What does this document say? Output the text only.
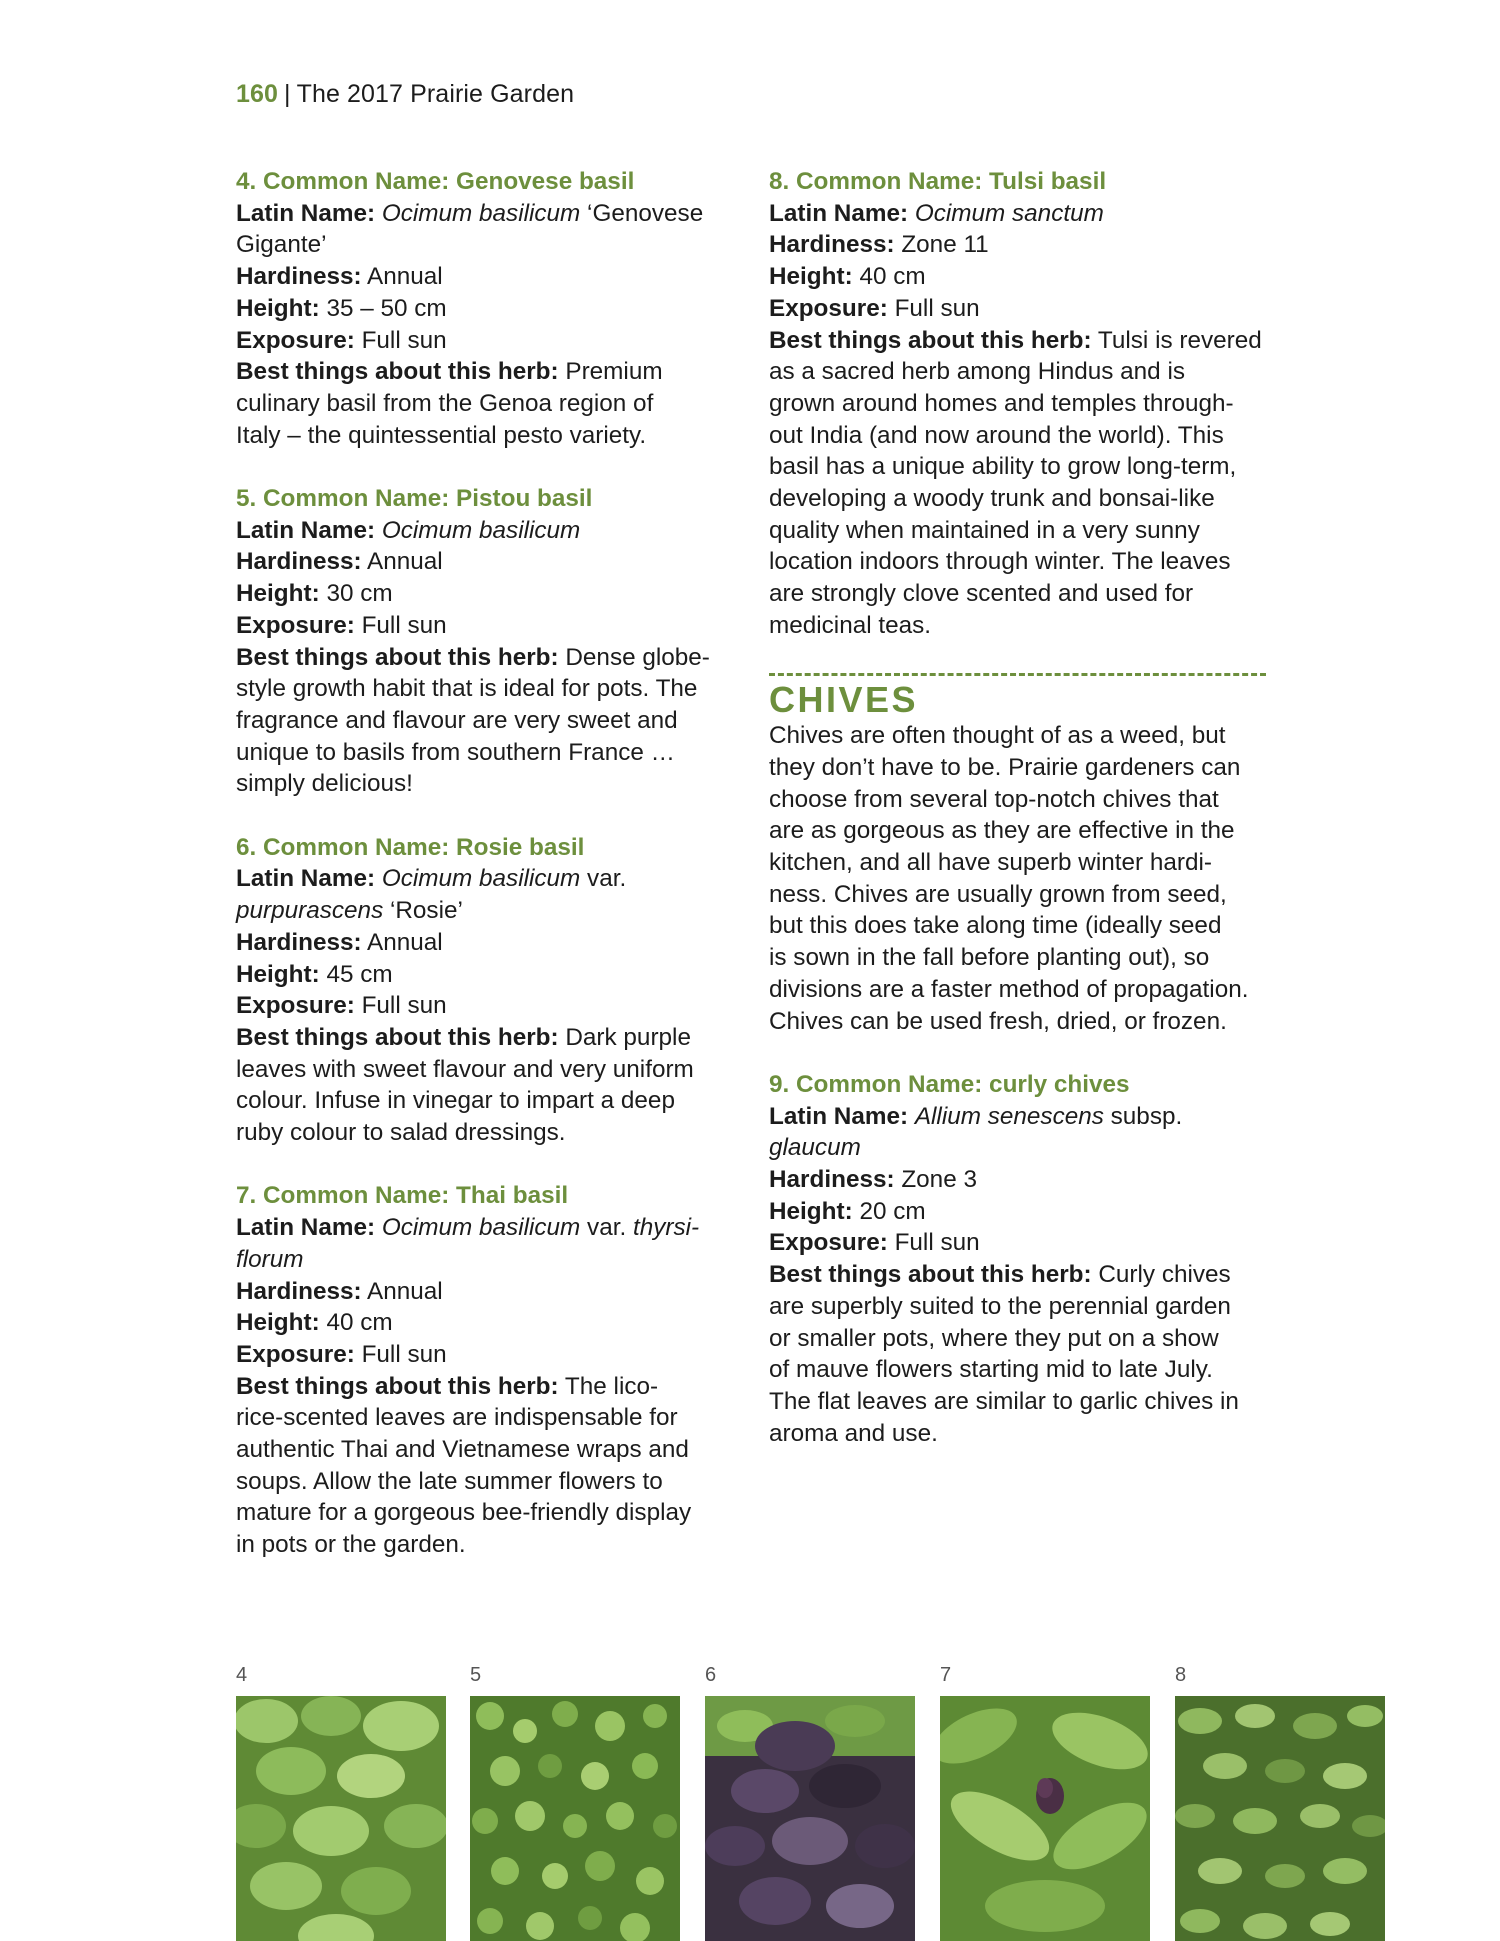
160 | The 2017 Prairie Garden
4. Common Name: Genovese basil
Latin Name: Ocimum basilicum ‘Genovese
Gigante’
Hardiness: Annual
Height: 35 – 50 cm
Exposure: Full sun
Best things about this herb: Premium
culinary basil from the Genoa region of
Italy – the quintessential pesto variety.
5. Common Name: Pistou basil
Latin Name: Ocimum basilicum
Hardiness: Annual
Height: 30 cm
Exposure: Full sun
Best things about this herb: Dense globe-
style growth habit that is ideal for pots. The
fragrance and flavour are very sweet and
unique to basils from southern France …
simply delicious!
6. Common Name: Rosie basil
Latin Name: Ocimum basilicum var.
purpurascens ‘Rosie’
Hardiness: Annual
Height: 45 cm
Exposure: Full sun
Best things about this herb: Dark purple
leaves with sweet flavour and very uniform
colour. Infuse in vinegar to impart a deep
ruby colour to salad dressings.
7. Common Name: Thai basil
Latin Name: Ocimum basilicum var. thyrsi-
florum
Hardiness: Annual
Height: 40 cm
Exposure: Full sun
Best things about this herb: The lico-
rice-scented leaves are indispensable for
authentic Thai and Vietnamese wraps and
soups. Allow the late summer flowers to
mature for a gorgeous bee-friendly display
in pots or the garden.
8. Common Name: Tulsi basil
Latin Name: Ocimum sanctum
Hardiness: Zone 11
Height: 40 cm
Exposure: Full sun
Best things about this herb: Tulsi is revered
as a sacred herb among Hindus and is
grown around homes and temples through-
out India (and now around the world). This
basil has a unique ability to grow long-term,
developing a woody trunk and bonsai-like
quality when maintained in a very sunny
location indoors through winter. The leaves
are strongly clove scented and used for
medicinal teas.
CHIVES
Chives are often thought of as a weed, but
they don’t have to be. Prairie gardeners can
choose from several top-notch chives that
are as gorgeous as they are effective in the
kitchen, and all have superb winter hardi-
ness. Chives are usually grown from seed,
but this does take along time (ideally seed
is sown in the fall before planting out), so
divisions are a faster method of propagation.
Chives can be used fresh, dried, or frozen.
9. Common Name: curly chives
Latin Name: Allium senescens subsp.
glaucum
Hardiness: Zone 3
Height: 20 cm
Exposure: Full sun
Best things about this herb: Curly chives
are superbly suited to the perennial garden
or smaller pots, where they put on a show
of mauve flowers starting mid to late July.
The flat leaves are similar to garlic chives in
aroma and use.
4	5	6	7	8
